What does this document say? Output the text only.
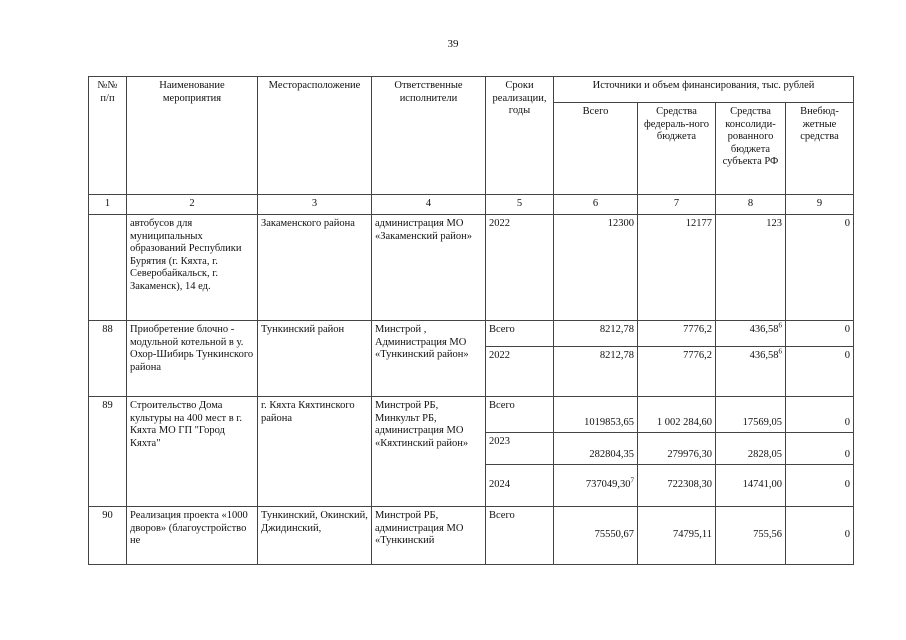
39
№№ п/п	Наименование мероприятия	Месторасположение	Ответственные исполнители	Сроки реализации, годы	Источники и объем финансирования, тыс. рублей			
					Всего	Средства федераль-ного бюджета	Средства консолиди-рованного бюджета субъекта РФ	Внебюд-жетные средства
1	2	3	4	5	6	7	8	9
	автобусов для муниципальных образований Республики Бурятия (г. Кяхта, г. Северобайкальск, г. Закаменск), 14 ед.	Закаменского района	администрация МО «Закаменский район»	2022	12300	12177	123	0
88	Приобретение блочно - модульной котельной в у. Охор-Шибирь Тункинского района	Тункинский район	Минстрой , Администрация МО «Тункинский район»	Всего	8212,78	7776,2	436,58$^6$	0
				2022	8212,78	7776,2	436,58$^6$	0
89	Строительство Дома культуры на 400 мест в г. Кяхта МО ГП "Город Кяхта"	г. Кяхта Кяхтинского района	Минстрой РБ, Минкульт РБ, администрация МО «Кяхтинский район»	Всего	1019853,65	1 002 284,60	17569,05	0
				2023	282804,35	279976,30	2828,05	0
				2024	737049,30$^7$	722308,30	14741,00	0
90	Реализация проекта «1000 дворов» (благоустройство не	Тункинский, Окинский, Джидинский,	Минстрой РБ, администрация МО «Тункинский	Всего	75550,67	74795,11	755,56	0
